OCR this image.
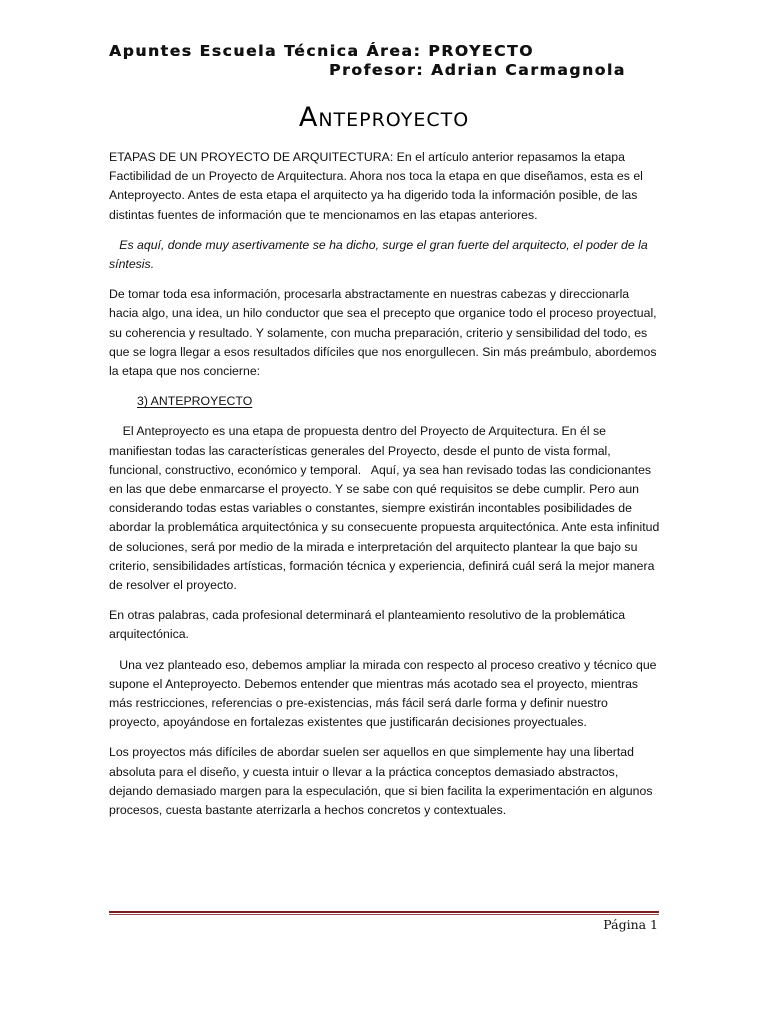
Apuntes Escuela Técnica Área: PROYECTO
Profesor: Adrian Carmagnola
Anteproyecto

ETAPAS DE UN PROYECTO DE ARQUITECTURA: En el artículo anterior repasamos la etapa Factibilidad de un Proyecto de Arquitectura. Ahora nos toca la etapa en que diseñamos, esta es el Anteproyecto. Antes de esta etapa el arquitecto ya ha digerido toda la información posible, de las distintas fuentes de información que te mencionamos en las etapas anteriores.

Es aquí, donde muy asertivamente se ha dicho, surge el gran fuerte del arquitecto, el poder de la síntesis.

De tomar toda esa información, procesarla abstractamente en nuestras cabezas y direccionarla hacia algo, una idea, un hilo conductor que sea el precepto que organice todo el proceso proyectual, su coherencia y resultado. Y solamente, con mucha preparación, criterio y sensibilidad del todo, es que se logra llegar a esos resultados difíciles que nos enorgullecen. Sin más preámbulo, abordemos la etapa que nos concierne:

3) ANTEPROYECTO

El Anteproyecto es una etapa de propuesta dentro del Proyecto de Arquitectura. En él se manifiestan todas las características generales del Proyecto, desde el punto de vista formal, funcional, constructivo, económico y temporal.   Aquí, ya sea han revisado todas las condicionantes en las que debe enmarcarse el proyecto. Y se sabe con qué requisitos se debe cumplir. Pero aun considerando todas estas variables o constantes, siempre existirán incontables posibilidades de abordar la problemática arquitectónica y su consecuente propuesta arquitectónica. Ante esta infinitud de soluciones, será por medio de la mirada e interpretación del arquitecto plantear la que bajo su criterio, sensibilidades artísticas, formación técnica y experiencia, definirá cuál será la mejor manera de resolver el proyecto.

En otras palabras, cada profesional determinará el planteamiento resolutivo de la problemática arquitectónica.

Una vez planteado eso, debemos ampliar la mirada con respecto al proceso creativo y técnico que supone el Anteproyecto. Debemos entender que mientras más acotado sea el proyecto, mientras más restricciones, referencias o pre-existencias, más fácil será darle forma y definir nuestro proyecto, apoyándose en fortalezas existentes que justificarán decisiones proyectuales.

Los proyectos más difíciles de abordar suelen ser aquellos en que simplemente hay una libertad absoluta para el diseño, y cuesta intuir o llevar a la práctica conceptos demasiado abstractos, dejando demasiado margen para la especulación, que si bien facilita la experimentación en algunos procesos, cuesta bastante aterrizarla a hechos concretos y contextuales.

Página 1
